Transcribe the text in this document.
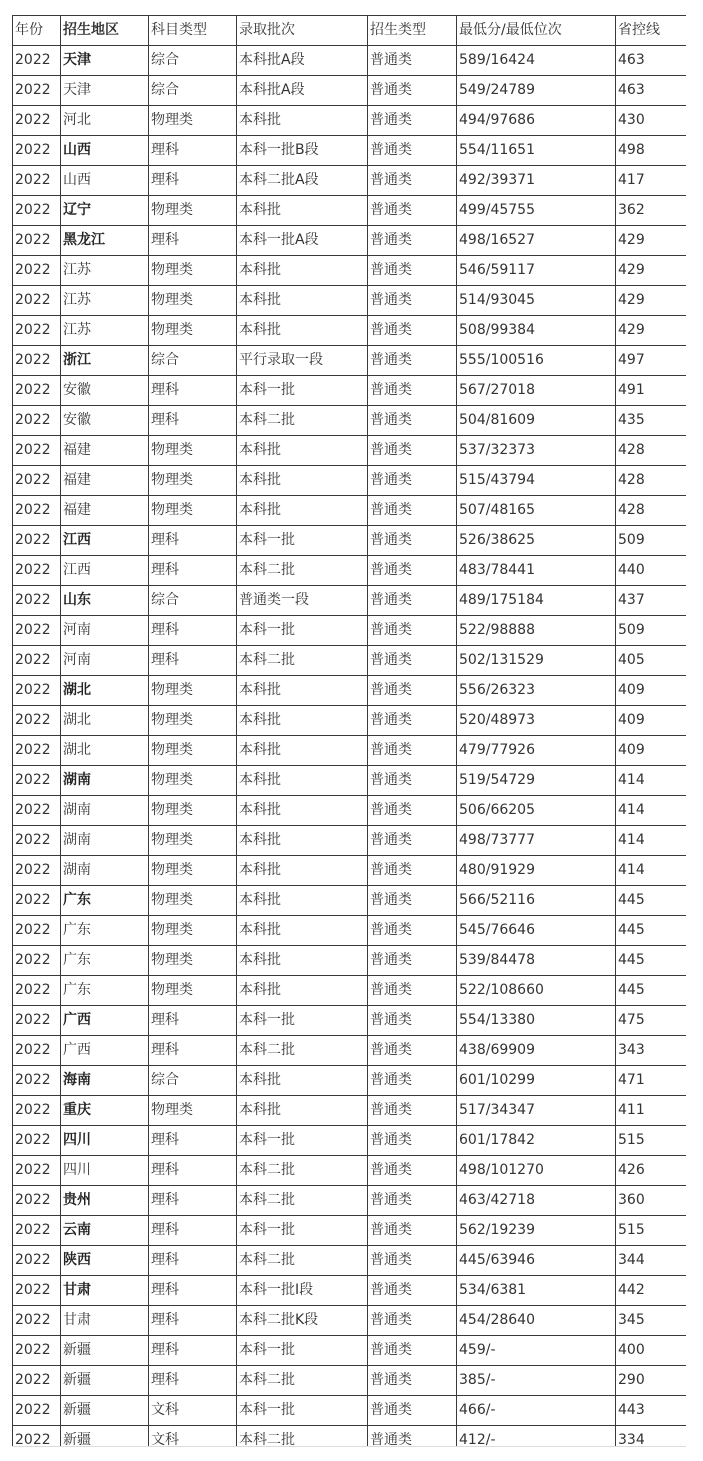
年份	招生地区	科目类型	录取批次	招生类型	最低分/最低位次	省控线
2022	天津	综合	本科批A段	普通类	589/16424	463
2022	天津	综合	本科批A段	普通类	549/24789	463
2022	河北	物理类	本科批	普通类	494/97686	430
2022	山西	理科	本科一批B段	普通类	554/11651	498
2022	山西	理科	本科二批A段	普通类	492/39371	417
2022	辽宁	物理类	本科批	普通类	499/45755	362
2022	黑龙江	理科	本科一批A段	普通类	498/16527	429
2022	江苏	物理类	本科批	普通类	546/59117	429
2022	江苏	物理类	本科批	普通类	514/93045	429
2022	江苏	物理类	本科批	普通类	508/99384	429
2022	浙江	综合	平行录取一段	普通类	555/100516	497
2022	安徽	理科	本科一批	普通类	567/27018	491
2022	安徽	理科	本科二批	普通类	504/81609	435
2022	福建	物理类	本科批	普通类	537/32373	428
2022	福建	物理类	本科批	普通类	515/43794	428
2022	福建	物理类	本科批	普通类	507/48165	428
2022	江西	理科	本科一批	普通类	526/38625	509
2022	江西	理科	本科二批	普通类	483/78441	440
2022	山东	综合	普通类一段	普通类	489/175184	437
2022	河南	理科	本科一批	普通类	522/98888	509
2022	河南	理科	本科二批	普通类	502/131529	405
2022	湖北	物理类	本科批	普通类	556/26323	409
2022	湖北	物理类	本科批	普通类	520/48973	409
2022	湖北	物理类	本科批	普通类	479/77926	409
2022	湖南	物理类	本科批	普通类	519/54729	414
2022	湖南	物理类	本科批	普通类	506/66205	414
2022	湖南	物理类	本科批	普通类	498/73777	414
2022	湖南	物理类	本科批	普通类	480/91929	414
2022	广东	物理类	本科批	普通类	566/52116	445
2022	广东	物理类	本科批	普通类	545/76646	445
2022	广东	物理类	本科批	普通类	539/84478	445
2022	广东	物理类	本科批	普通类	522/108660	445
2022	广西	理科	本科一批	普通类	554/13380	475
2022	广西	理科	本科二批	普通类	438/69909	343
2022	海南	综合	本科批	普通类	601/10299	471
2022	重庆	物理类	本科批	普通类	517/34347	411
2022	四川	理科	本科一批	普通类	601/17842	515
2022	四川	理科	本科二批	普通类	498/101270	426
2022	贵州	理科	本科二批	普通类	463/42718	360
2022	云南	理科	本科一批	普通类	562/19239	515
2022	陕西	理科	本科二批	普通类	445/63946	344
2022	甘肃	理科	本科一批I段	普通类	534/6381	442
2022	甘肃	理科	本科二批K段	普通类	454/28640	345
2022	新疆	理科	本科一批	普通类	459/-	400
2022	新疆	理科	本科二批	普通类	385/-	290
2022	新疆	文科	本科一批	普通类	466/-	443
2022	新疆	文科	本科二批	普通类	412/-	334
